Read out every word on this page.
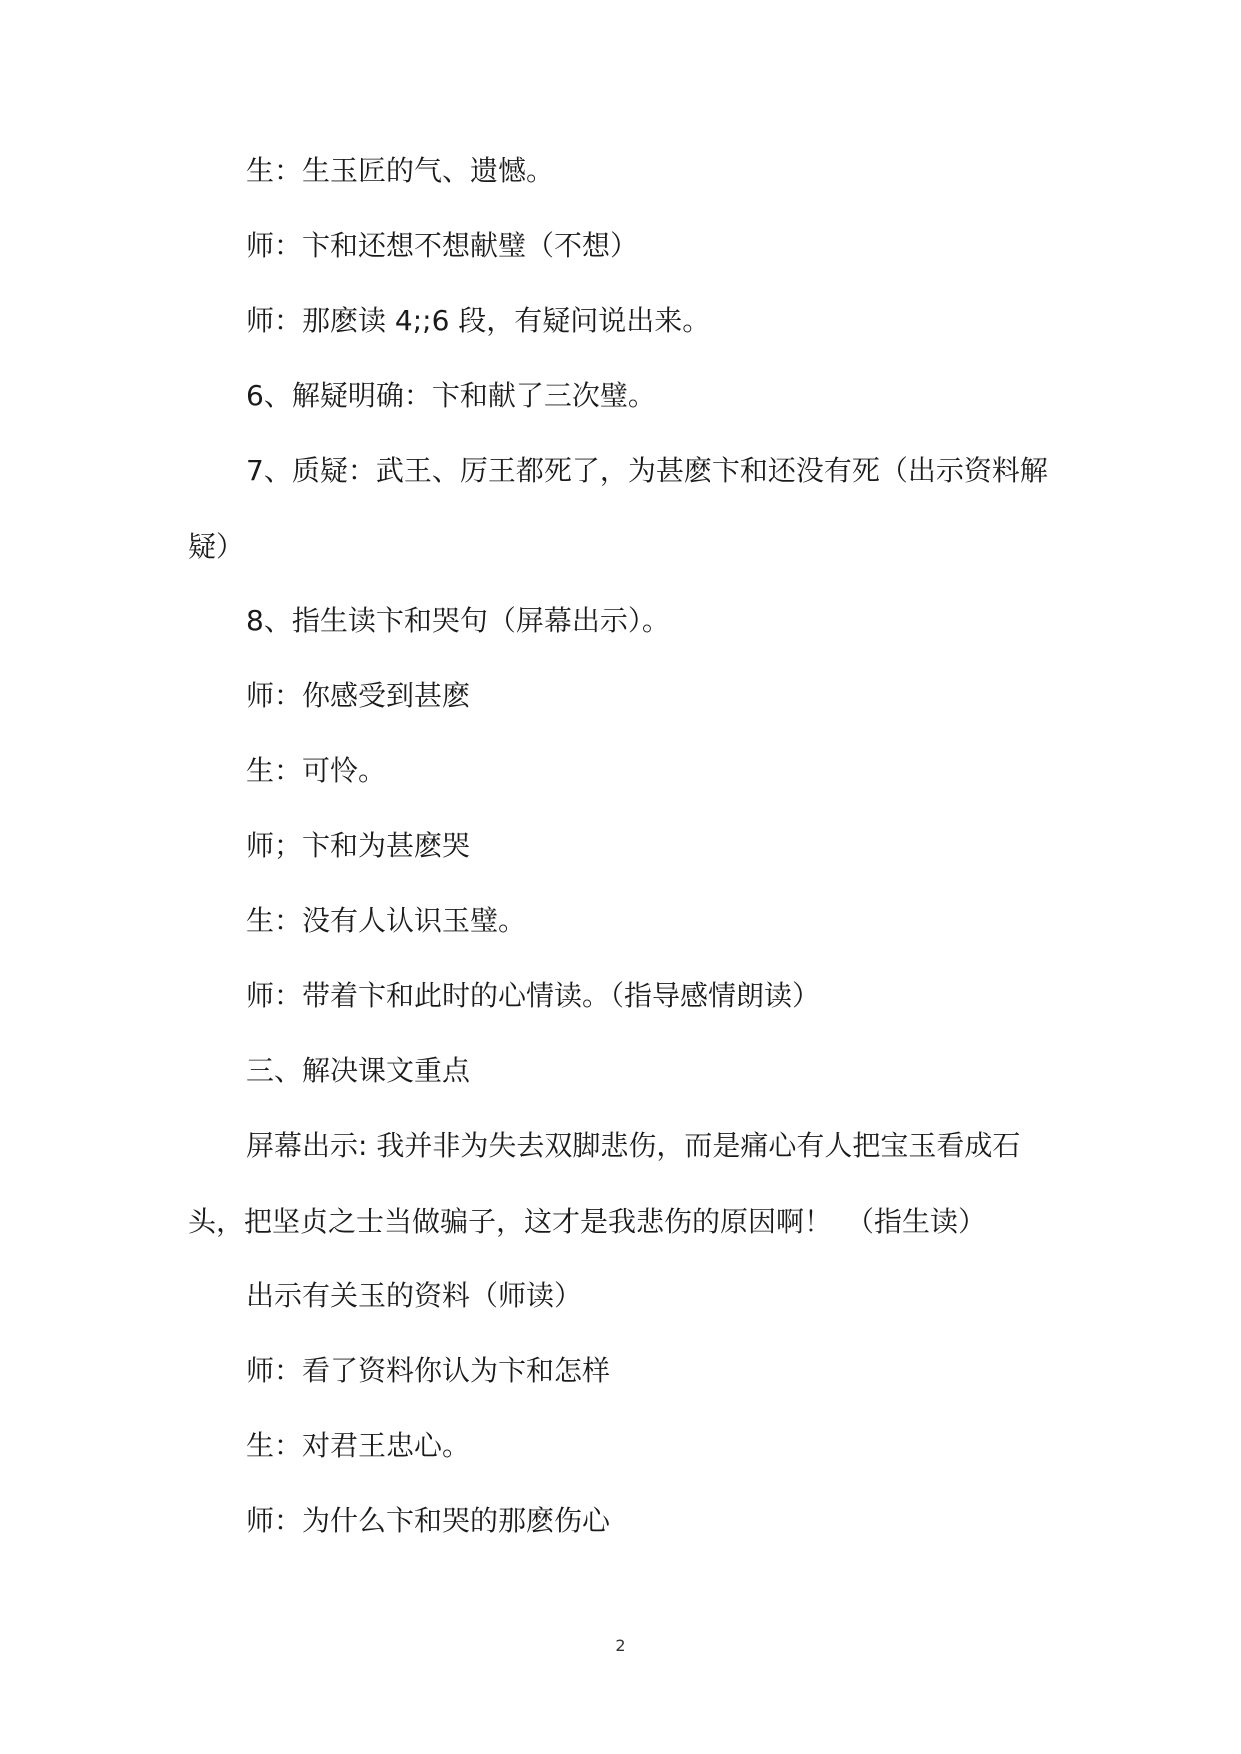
生：生玉匠的气、遗憾。
师：卞和还想不想献璧（不想）
师：那麽读 4;;6 段，有疑问说出来。
6、解疑明确：卞和献了三次璧。
7、质疑：武王、厉王都死了，为甚麽卞和还没有死（出示资料解疑）
8、指生读卞和哭句（屏幕出示）。
师：你感受到甚麽
生：可怜。
师；卞和为甚麽哭
生：没有人认识玉璧。
师：带着卞和此时的心情读。（指导感情朗读）
三、解决课文重点
屏幕出示: 我并非为失去双脚悲伤，而是痛心有人把宝玉看成石头，把坚贞之士当做骗子，这才是我悲伤的原因啊！　（指生读）
出示有关玉的资料（师读）
师：看了资料你认为卞和怎样
生：对君王忠心。
师：为什么卞和哭的那麽伤心
2
